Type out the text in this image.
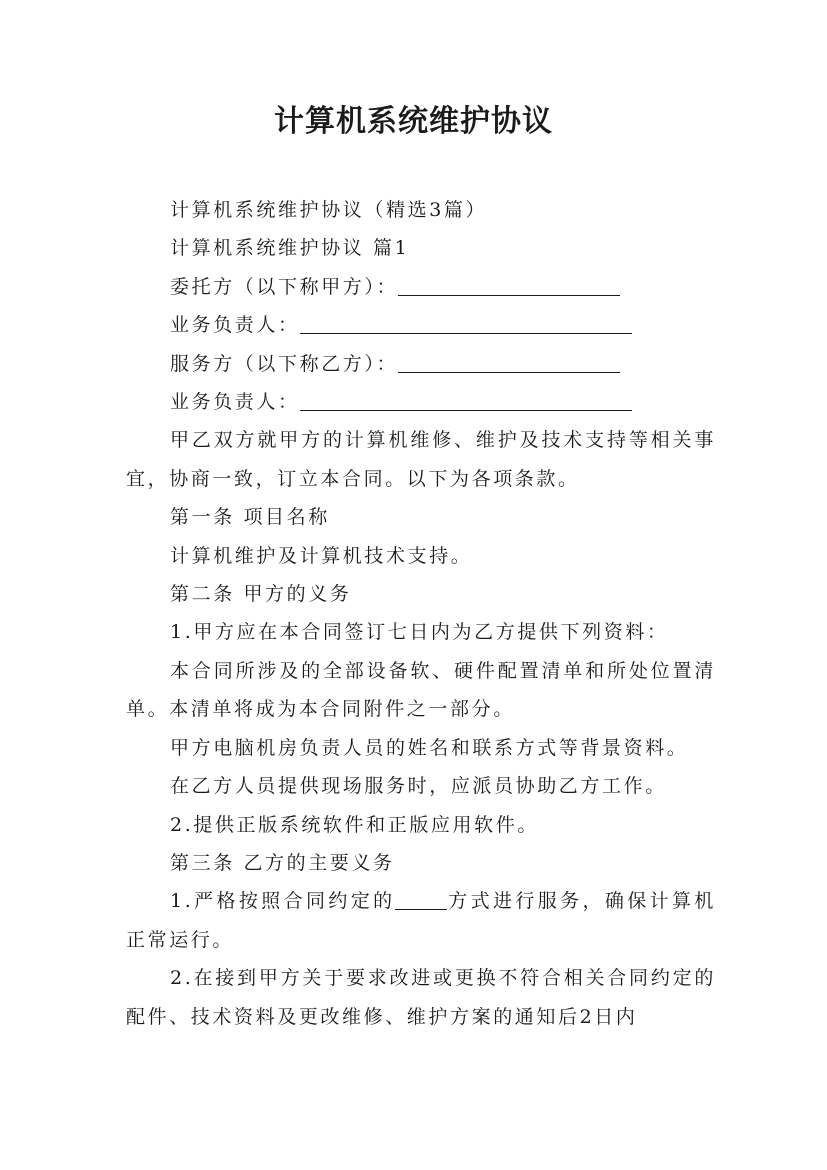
计算机系统维护协议

计算机系统维护协议（精选3篇）

计算机系统维护协议 篇1

委托方（以下称甲方）：

业务负责人：

服务方（以下称乙方）：

业务负责人：

甲乙双方就甲方的计算机维修、维护及技术支持等相关事宜，协商一致，订立本合同。以下为各项条款。

第一条 项目名称

计算机维护及计算机技术支持。

第二条 甲方的义务

1.甲方应在本合同签订七日内为乙方提供下列资料：

本合同所涉及的全部设备软、硬件配置清单和所处位置清单。本清单将成为本合同附件之一部分。

甲方电脑机房负责人员的姓名和联系方式等背景资料。

在乙方人员提供现场服务时，应派员协助乙方工作。

2.提供正版系统软件和正版应用软件。

第三条 乙方的主要义务

1.严格按照合同约定的	方式进行服务，确保计算机正常运行。

2.在接到甲方关于要求改进或更换不符合相关合同约定的配件、技术资料及更改维修、维护方案的通知后2日内
